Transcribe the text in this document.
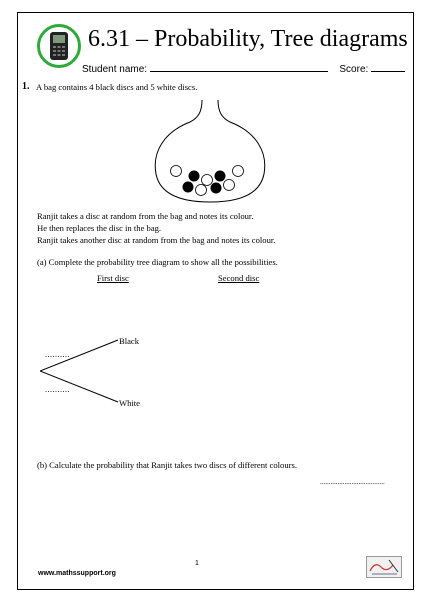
6.31 – Probability, Tree diagrams
Student name:	Score:
1. A bag contains 4 black discs and 5 white discs.
Ranjit takes a disc at random from the bag and notes its colour.
He then replaces the disc in the bag.
Ranjit takes another disc at random from the bag and notes its colour.
(a) Complete the probability tree diagram to show all the possibilities.
First disc	Second disc
..........
..........
Black
White
(b) Calculate the probability that Ranjit takes two discs of different colours.
.....................................
1
www.mathssupport.org
